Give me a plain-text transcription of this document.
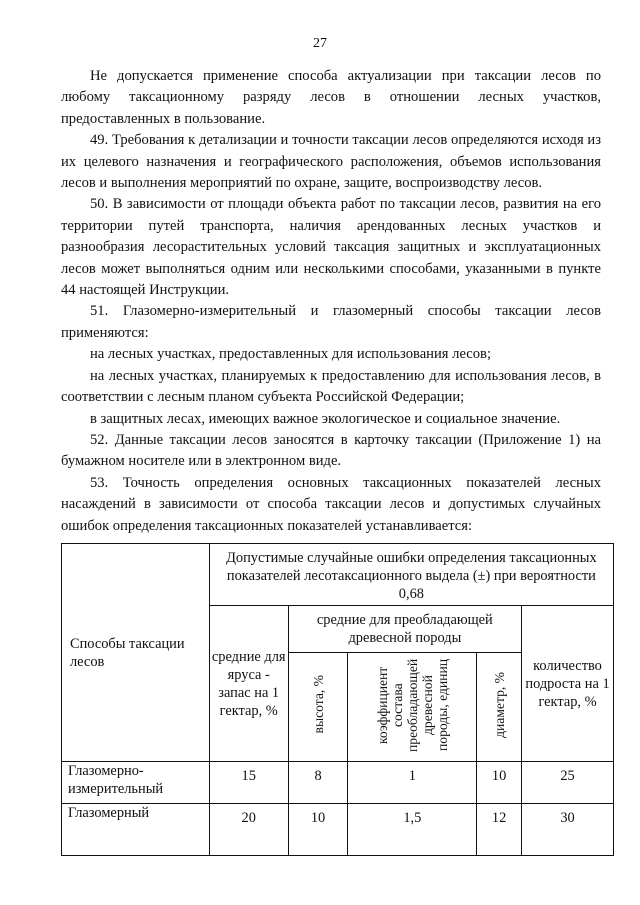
27

Не допускается применение способа актуализации при таксации лесов по любому таксационному разряду лесов в отношении лесных участков, предоставленных в пользование.

49. Требования к детализации и точности таксации лесов определяются исходя из их целевого назначения и географического расположения, объемов использования лесов и выполнения мероприятий по охране, защите, воспроизводству лесов.

50. В зависимости от площади объекта работ по таксации лесов, развития на его территории путей транспорта, наличия арендованных лесных участков и разнообразия лесорастительных условий таксация защитных и эксплуатационных лесов может выполняться одним или несколькими способами, указанными в пункте 44 настоящей Инструкции.

51. Глазомерно-измерительный и глазомерный способы таксации лесов применяются:

на лесных участках, предоставленных для использования лесов;

на лесных участках, планируемых к предоставлению для использования лесов, в соответствии с лесным планом субъекта Российской Федерации;

в защитных лесах, имеющих важное экологическое и социальное значение.

52. Данные таксации лесов заносятся в карточку таксации (Приложение 1) на бумажном носителе или в электронном виде.

53. Точность определения основных таксационных показателей лесных насаждений в зависимости от способа таксации лесов и допустимых случайных ошибок определения таксационных показателей устанавливается:

Способы таксации лесов	Допустимые случайные ошибки определения таксационных показателей лесотаксационного выдела (±) при вероятности 0,68				
	средние для яруса - запас на 1 гектар, %	средние для преобладающей древесной породы			количество подроста на 1 гектар, %
		высота, %	коэффициент состава преобладающей древесной породы, единиц	диаметр, %	
Глазомерно-измерительный	15	8	1	10	25
Глазомерный	20	10	1,5	12	30
